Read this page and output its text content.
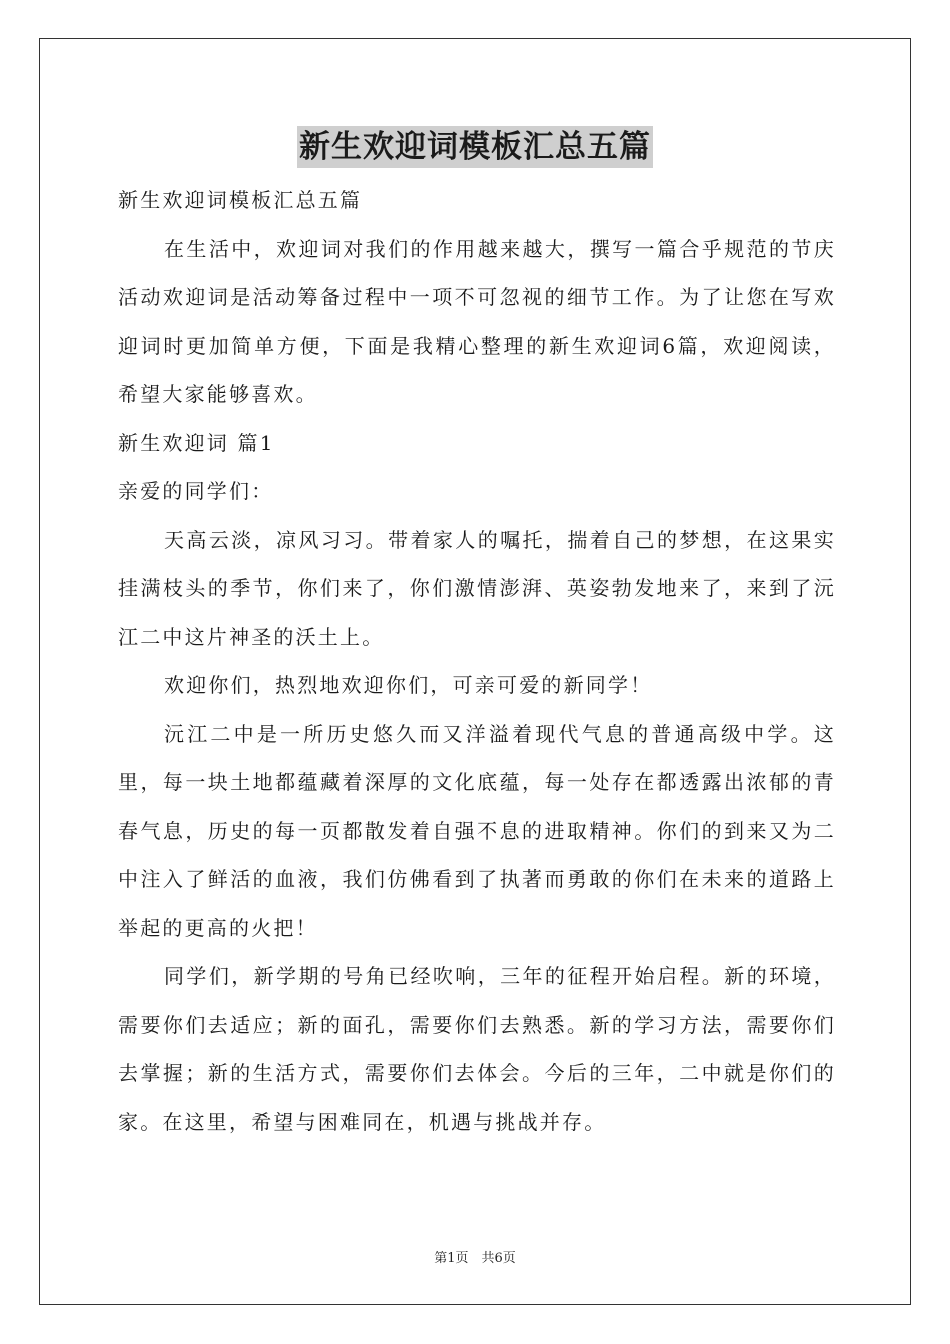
新生欢迎词模板汇总五篇

新生欢迎词模板汇总五篇

在生活中，欢迎词对我们的作用越来越大，撰写一篇合乎规范的节庆活动欢迎词是活动筹备过程中一项不可忽视的细节工作。为了让您在写欢迎词时更加简单方便，下面是我精心整理的新生欢迎词6篇，欢迎阅读，希望大家能够喜欢。

新生欢迎词 篇1

亲爱的同学们：

天高云淡，凉风习习。带着家人的嘱托，揣着自己的梦想，在这果实挂满枝头的季节，你们来了，你们激情澎湃、英姿勃发地来了，来到了沅江二中这片神圣的沃土上。

欢迎你们，热烈地欢迎你们，可亲可爱的新同学！

沅江二中是一所历史悠久而又洋溢着现代气息的普通高级中学。这里，每一块土地都蕴藏着深厚的文化底蕴，每一处存在都透露出浓郁的青春气息，历史的每一页都散发着自强不息的进取精神。你们的到来又为二中注入了鲜活的血液，我们仿佛看到了执著而勇敢的你们在未来的道路上举起的更高的火把！

同学们，新学期的号角已经吹响，三年的征程开始启程。新的环境，需要你们去适应；新的面孔，需要你们去熟悉。新的学习方法，需要你们去掌握；新的生活方式，需要你们去体会。今后的三年，二中就是你们的家。在这里，希望与困难同在，机遇与挑战并存。

第1页　共6页
